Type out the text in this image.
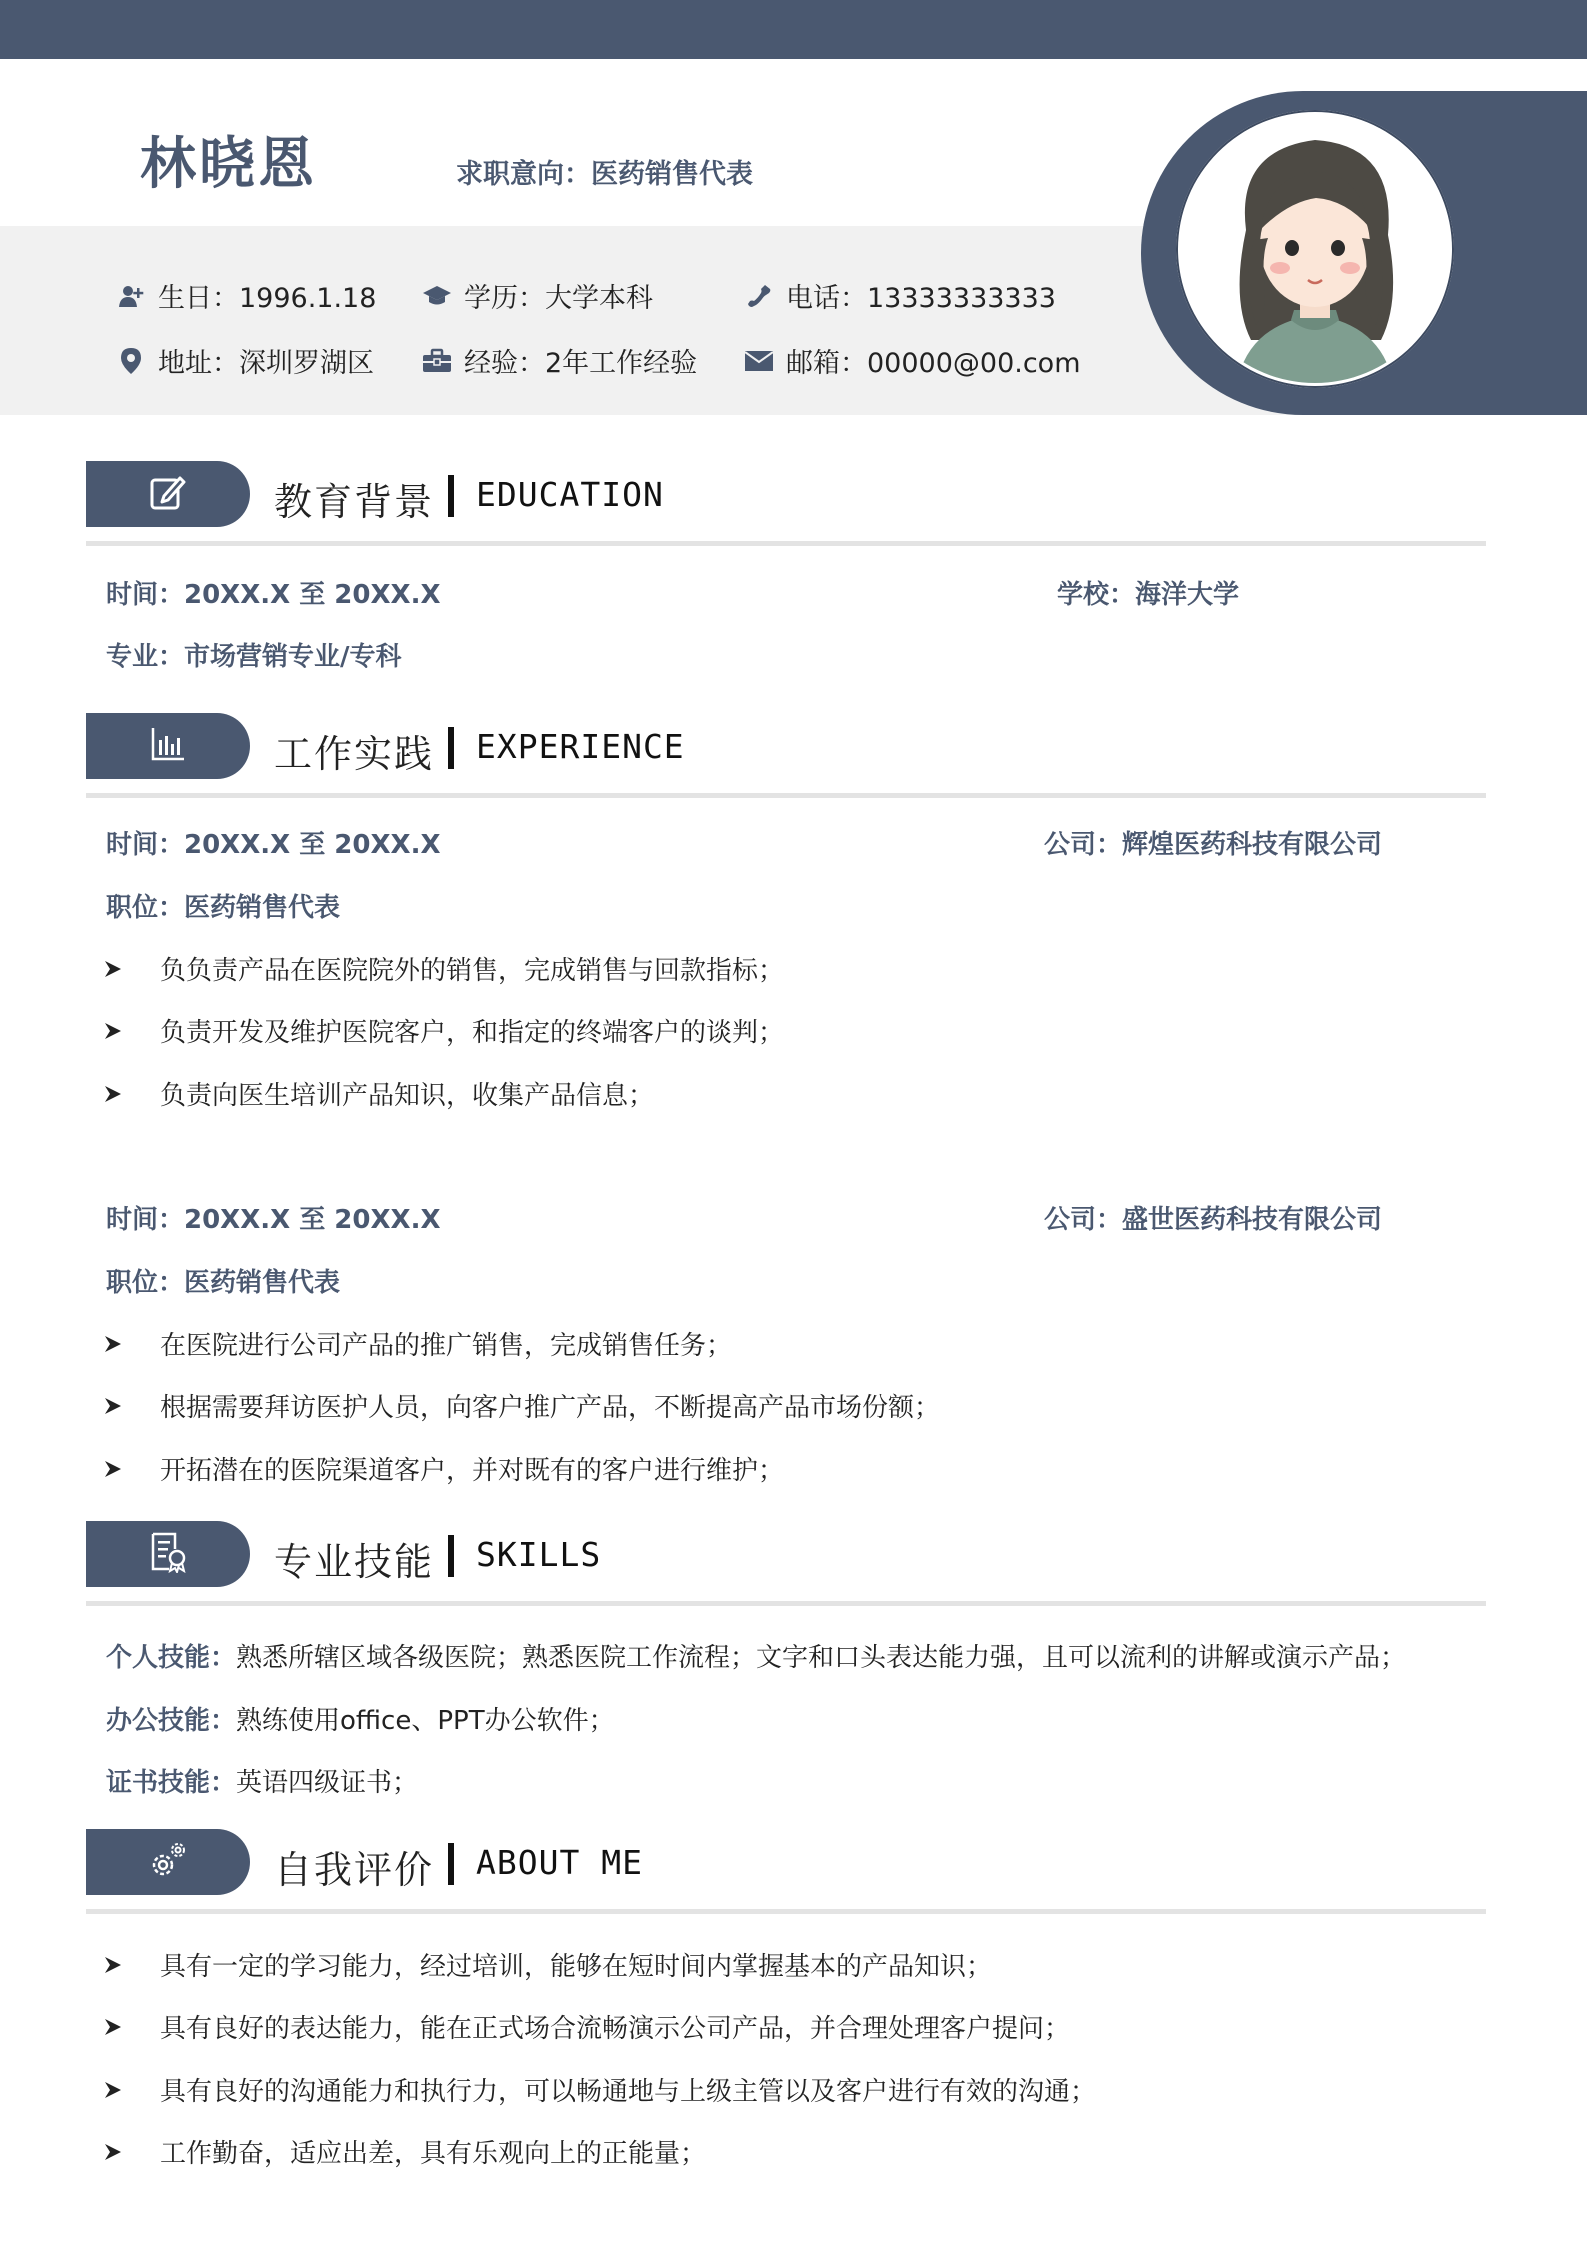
林晓恩	求职意向：医药销售代表
生日：1996.1.18	学历：大学本科	电话：13333333333
地址：深圳罗湖区	经验：2年工作经验	邮箱：00000@00.com
教育背景 EDUCATION
时间：20XX.X 至 20XX.X	学校：海洋大学
专业：市场营销专业/专科
工作实践 EXPERIENCE
时间：20XX.X 至 20XX.X	公司：辉煌医药科技有限公司
职位：医药销售代表
负负责产品在医院院外的销售，完成销售与回款指标；
负责开发及维护医院客户，和指定的终端客户的谈判；
负责向医生培训产品知识，收集产品信息；
时间：20XX.X 至 20XX.X	公司：盛世医药科技有限公司
职位：医药销售代表
在医院进行公司产品的推广销售，完成销售任务；
根据需要拜访医护人员，向客户推广产品，不断提高产品市场份额；
开拓潜在的医院渠道客户，并对既有的客户进行维护；
专业技能 SKILLS
个人技能：熟悉所辖区域各级医院；熟悉医院工作流程；文字和口头表达能力强，且可以流利的讲解或演示产品；
办公技能：熟练使用office、PPT办公软件；
证书技能：英语四级证书；
自我评价 ABOUT ME
具有一定的学习能力，经过培训，能够在短时间内掌握基本的产品知识；
具有良好的表达能力，能在正式场合流畅演示公司产品，并合理处理客户提问；
具有良好的沟通能力和执行力，可以畅通地与上级主管以及客户进行有效的沟通；
工作勤奋，适应出差，具有乐观向上的正能量；
